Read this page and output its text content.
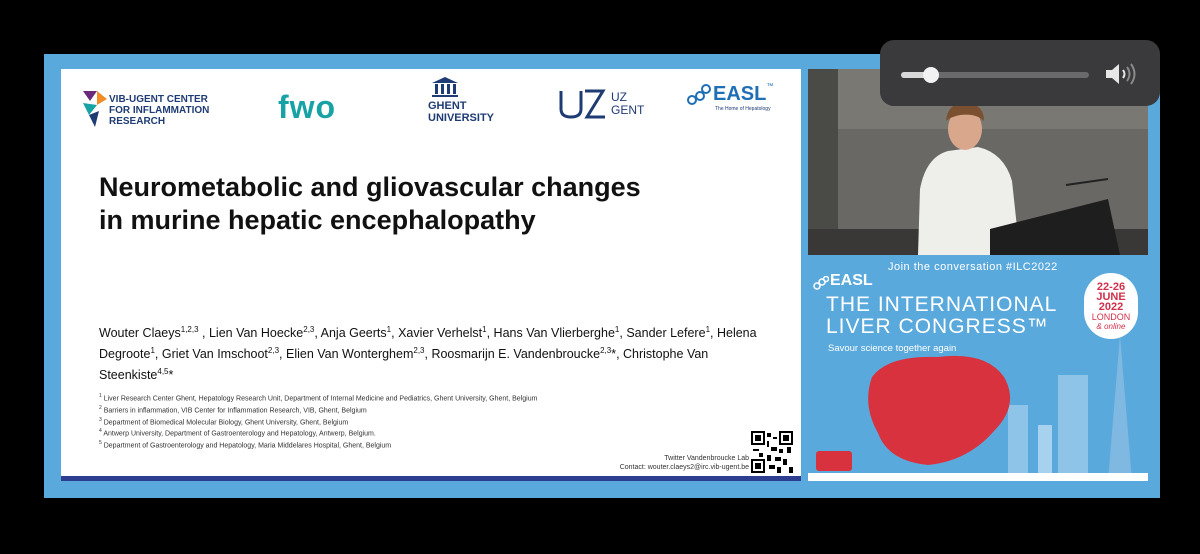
VIB-UGENT CENTER
FOR INFLAMMATION
RESEARCH	fwo	GHENT
UNIVERSITY
UZ
GENT
EASL ™
The Home of Hepatology
Neurometabolic and gliovascular changes in murine hepatic encephalopathy
Wouter Claeys$^{1,2,3}$ , Lien Van Hoecke$^{2,3}$, Anja Geerts$^1$, Xavier Verhelst$^1$, Hans Van Vlierberghe$^1$, Sander Lefere$^1$, Helena Degroote$^1$, Griet Van Imschoot$^{2,3}$, Elien Van Wonterghem$^{2,3}$, Roosmarijn E. Vandenbroucke$^{2,3}$*, Christophe Van Steenkiste$^{4,5}$*
$^1$ Liver Research Center Ghent, Hepatology Research Unit, Department of Internal Medicine and Pediatrics, Ghent University, Ghent, Belgium
$^2$ Barriers in inflammation, VIB Center for Inflammation Research, VIB, Ghent, Belgium
$^3$ Department of Biomedical Molecular Biology, Ghent University, Ghent, Belgium
$^4$ Antwerp University, Department of Gastroenterology and Hepatology, Antwerp, Belgium.
$^5$ Department of Gastroenterology and Hepatology, Maria Middelares Hospital, Ghent, Belgium
Twitter Vandenbroucke Lab
Contact: wouter.claeys2@irc.vib-ugent.be
Join the conversation #ILC2022
EASL
THE INTERNATIONAL
LIVER CONGRESS™
Savour science together again
22-26
JUNE
2022
LONDON
& online
